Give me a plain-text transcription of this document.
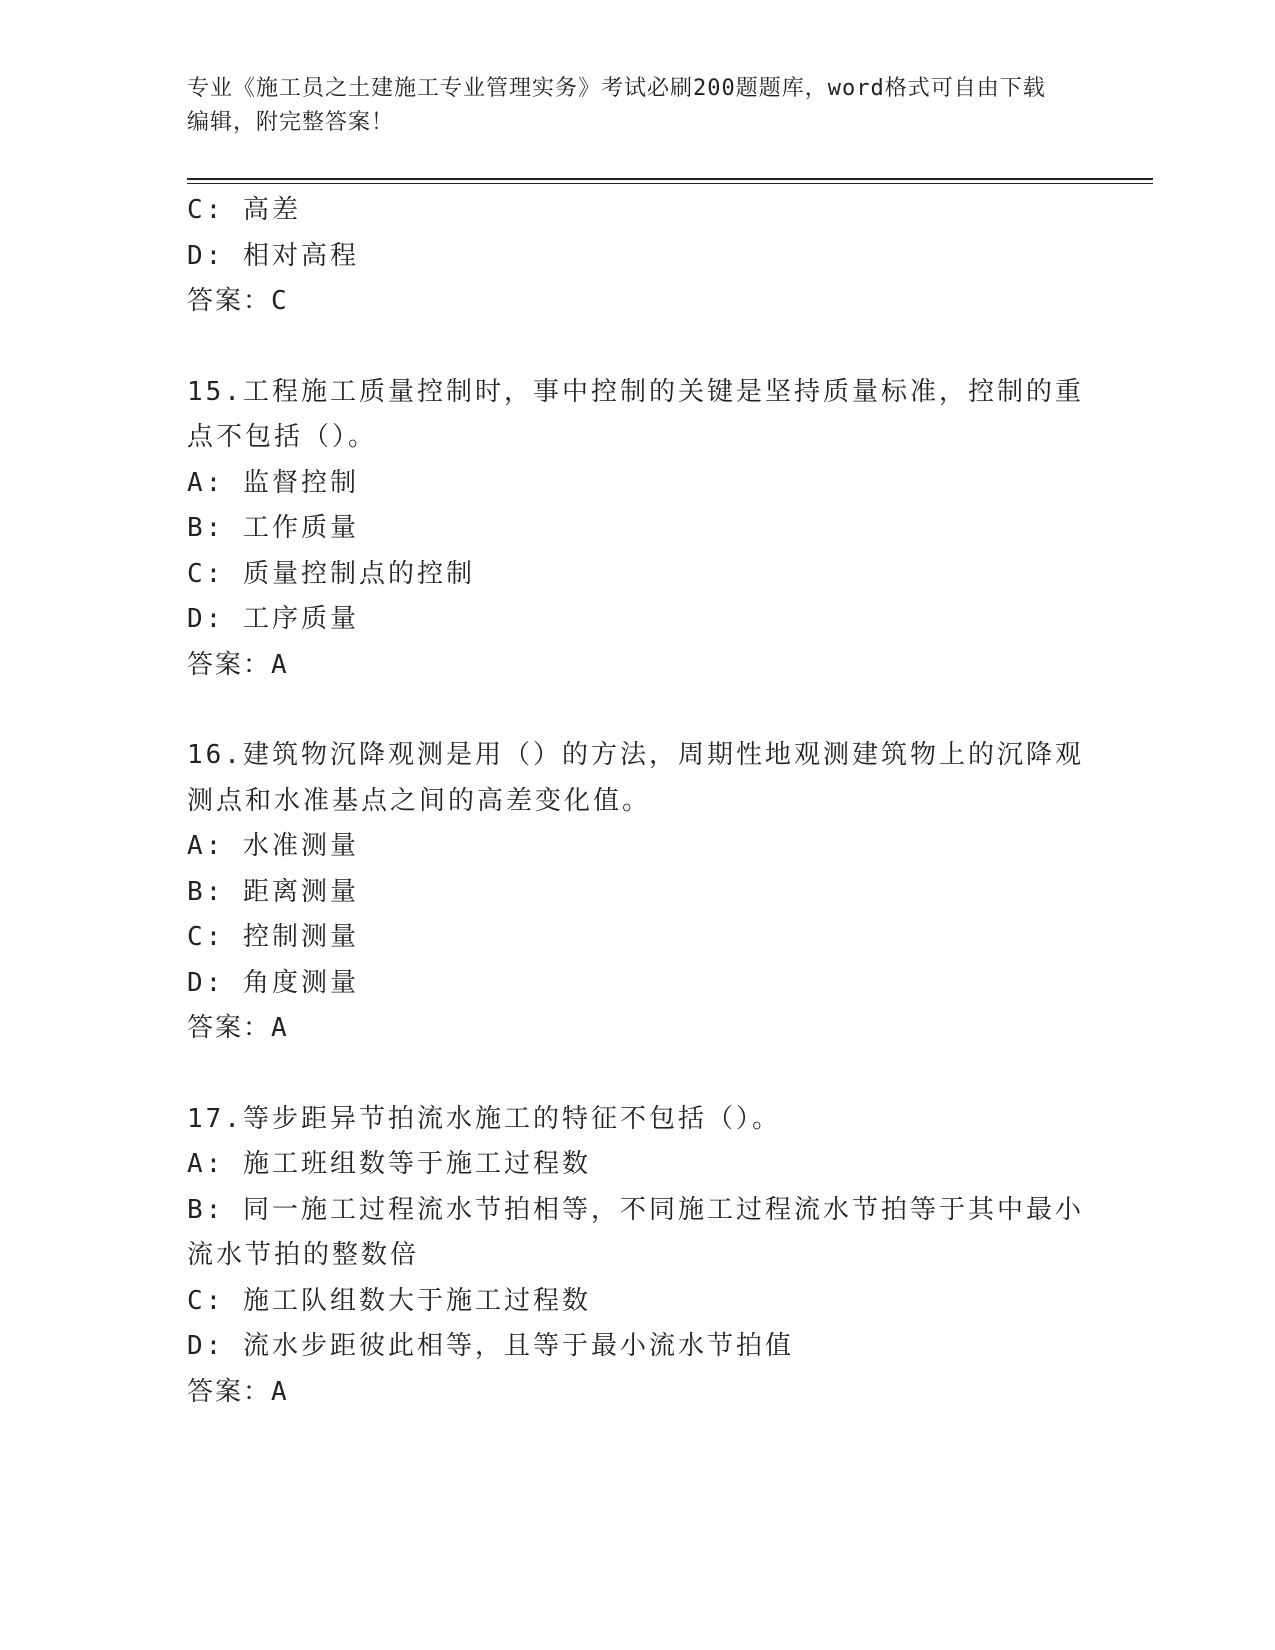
专业《施工员之土建施工专业管理实务》考试必刷200题题库，word格式可自由下载编辑，附完整答案！

C: 高差

D: 相对高程

答案：C

15.工程施工质量控制时，事中控制的关键是坚持质量标准，控制的重

点不包括（）。

A: 监督控制

B: 工作质量

C: 质量控制点的控制

D: 工序质量

答案：A

16.建筑物沉降观测是用（）的方法，周期性地观测建筑物上的沉降观

测点和水准基点之间的高差变化值。

A: 水准测量

B: 距离测量

C: 控制测量

D: 角度测量

答案：A

17.等步距异节拍流水施工的特征不包括（）。

A: 施工班组数等于施工过程数

B: 同一施工过程流水节拍相等，不同施工过程流水节拍等于其中最小

流水节拍的整数倍

C: 施工队组数大于施工过程数

D: 流水步距彼此相等，且等于最小流水节拍值

答案：A
